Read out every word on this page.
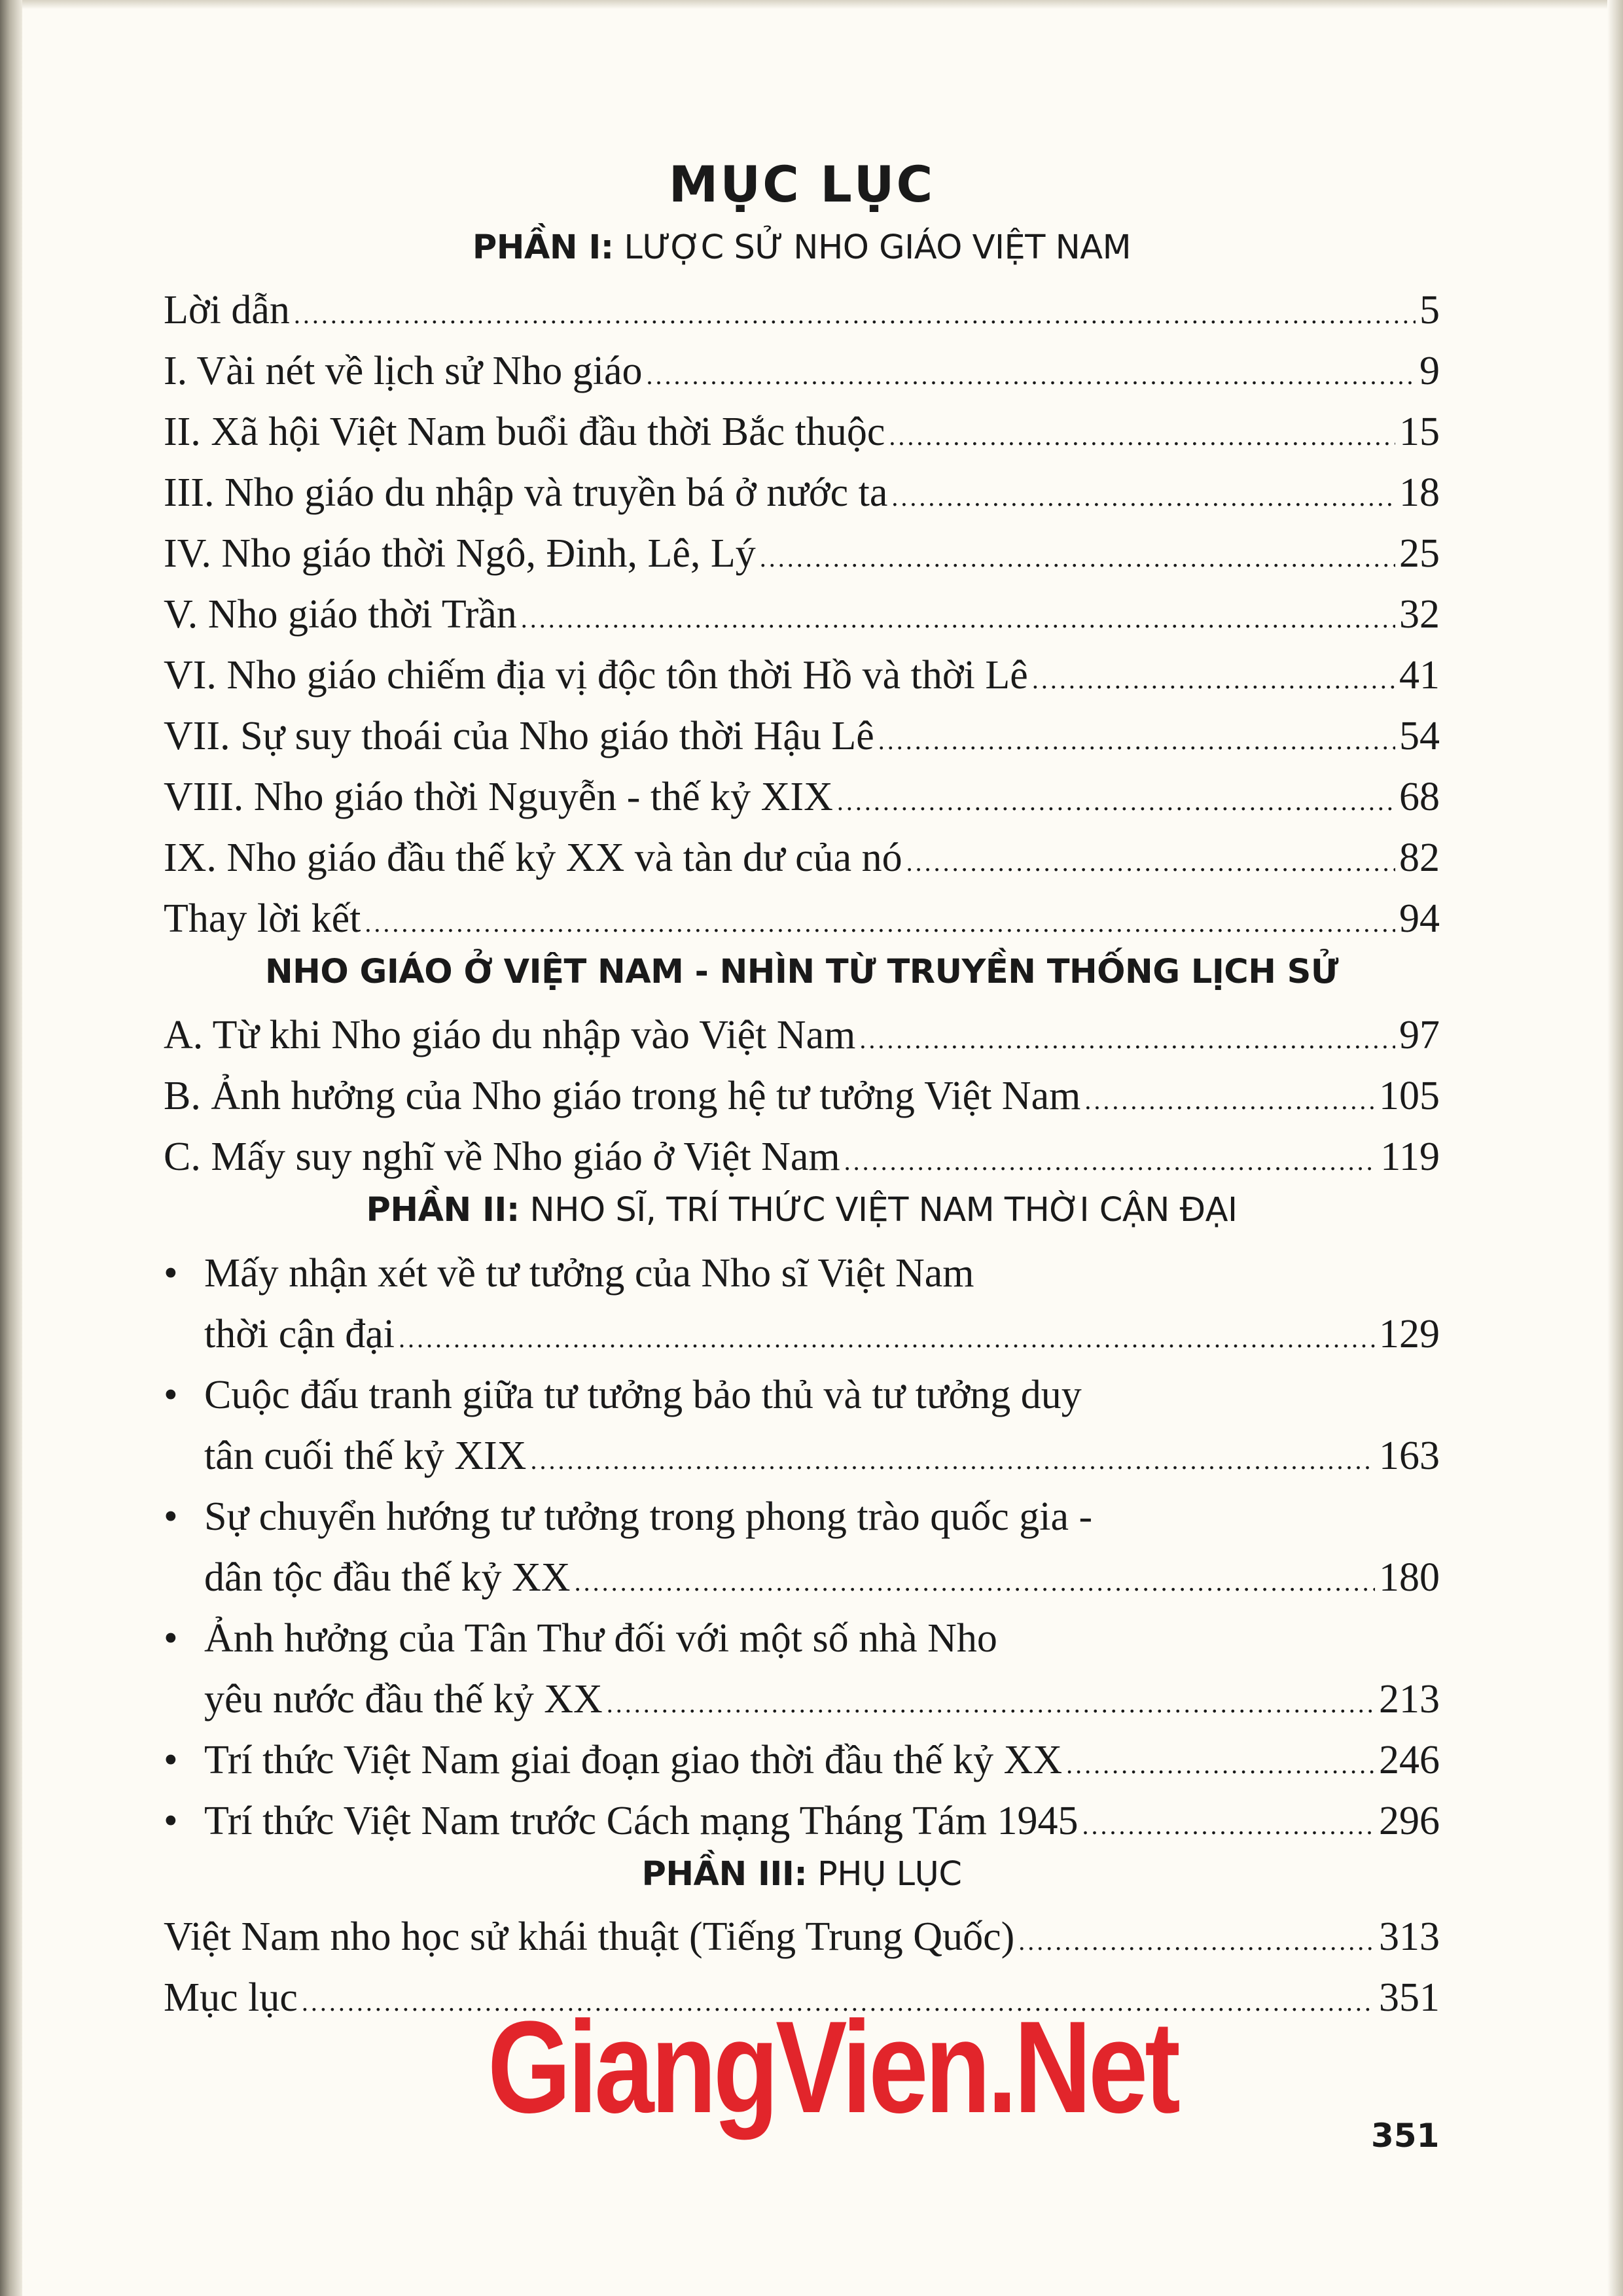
MỤC LỤC
PHẦN I: LƯỢC SỬ NHO GIÁO VIỆT NAM
Lời dẫn .....	5
I. Vài nét về lịch sử Nho giáo .....	9
II. Xã hội Việt Nam buổi đầu thời Bắc thuộc .....	15
III. Nho giáo du nhập và truyền bá ở nước ta .....	18
IV. Nho giáo thời Ngô, Đinh, Lê, Lý .....	25
V. Nho giáo thời Trần .....	32
VI. Nho giáo chiếm địa vị độc tôn thời Hồ và thời Lê .....	41
VII. Sự suy thoái của Nho giáo thời Hậu Lê .....	54
VIII. Nho giáo thời Nguyễn - thế kỷ XIX .....	68
IX. Nho giáo đầu thế kỷ XX và tàn dư của nó .....	82
Thay lời kết .....	94
NHO GIÁO Ở VIỆT NAM - NHÌN TỪ TRUYỀN THỐNG LỊCH SỬ
A. Từ khi Nho giáo du nhập vào Việt Nam .....	97
B. Ảnh hưởng của Nho giáo trong hệ tư tưởng Việt Nam .....	105
C. Mấy suy nghĩ về Nho giáo ở Việt Nam .....	119
PHẦN II: NHO SĨ, TRÍ THỨC VIỆT NAM THỜI CẬN ĐẠI
• Mấy nhận xét về tư tưởng của Nho sĩ Việt Nam
thời cận đại .....	129
• Cuộc đấu tranh giữa tư tưởng bảo thủ và tư tưởng duy
tân cuối thế kỷ XIX .....	163
• Sự chuyển hướng tư tưởng trong phong trào quốc gia -
dân tộc đầu thế kỷ XX .....	180
• Ảnh hưởng của Tân Thư đối với một số nhà Nho
yêu nước đầu thế kỷ XX .....	213
• Trí thức Việt Nam giai đoạn giao thời đầu thế kỷ XX .....	246
• Trí thức Việt Nam trước Cách mạng Tháng Tám 1945 .....	296
PHẦN III: PHỤ LỤC
Việt Nam nho học sử khái thuật (Tiếng Trung Quốc) .....	313
Mục lục .....	351
GiangVien.Net	351
